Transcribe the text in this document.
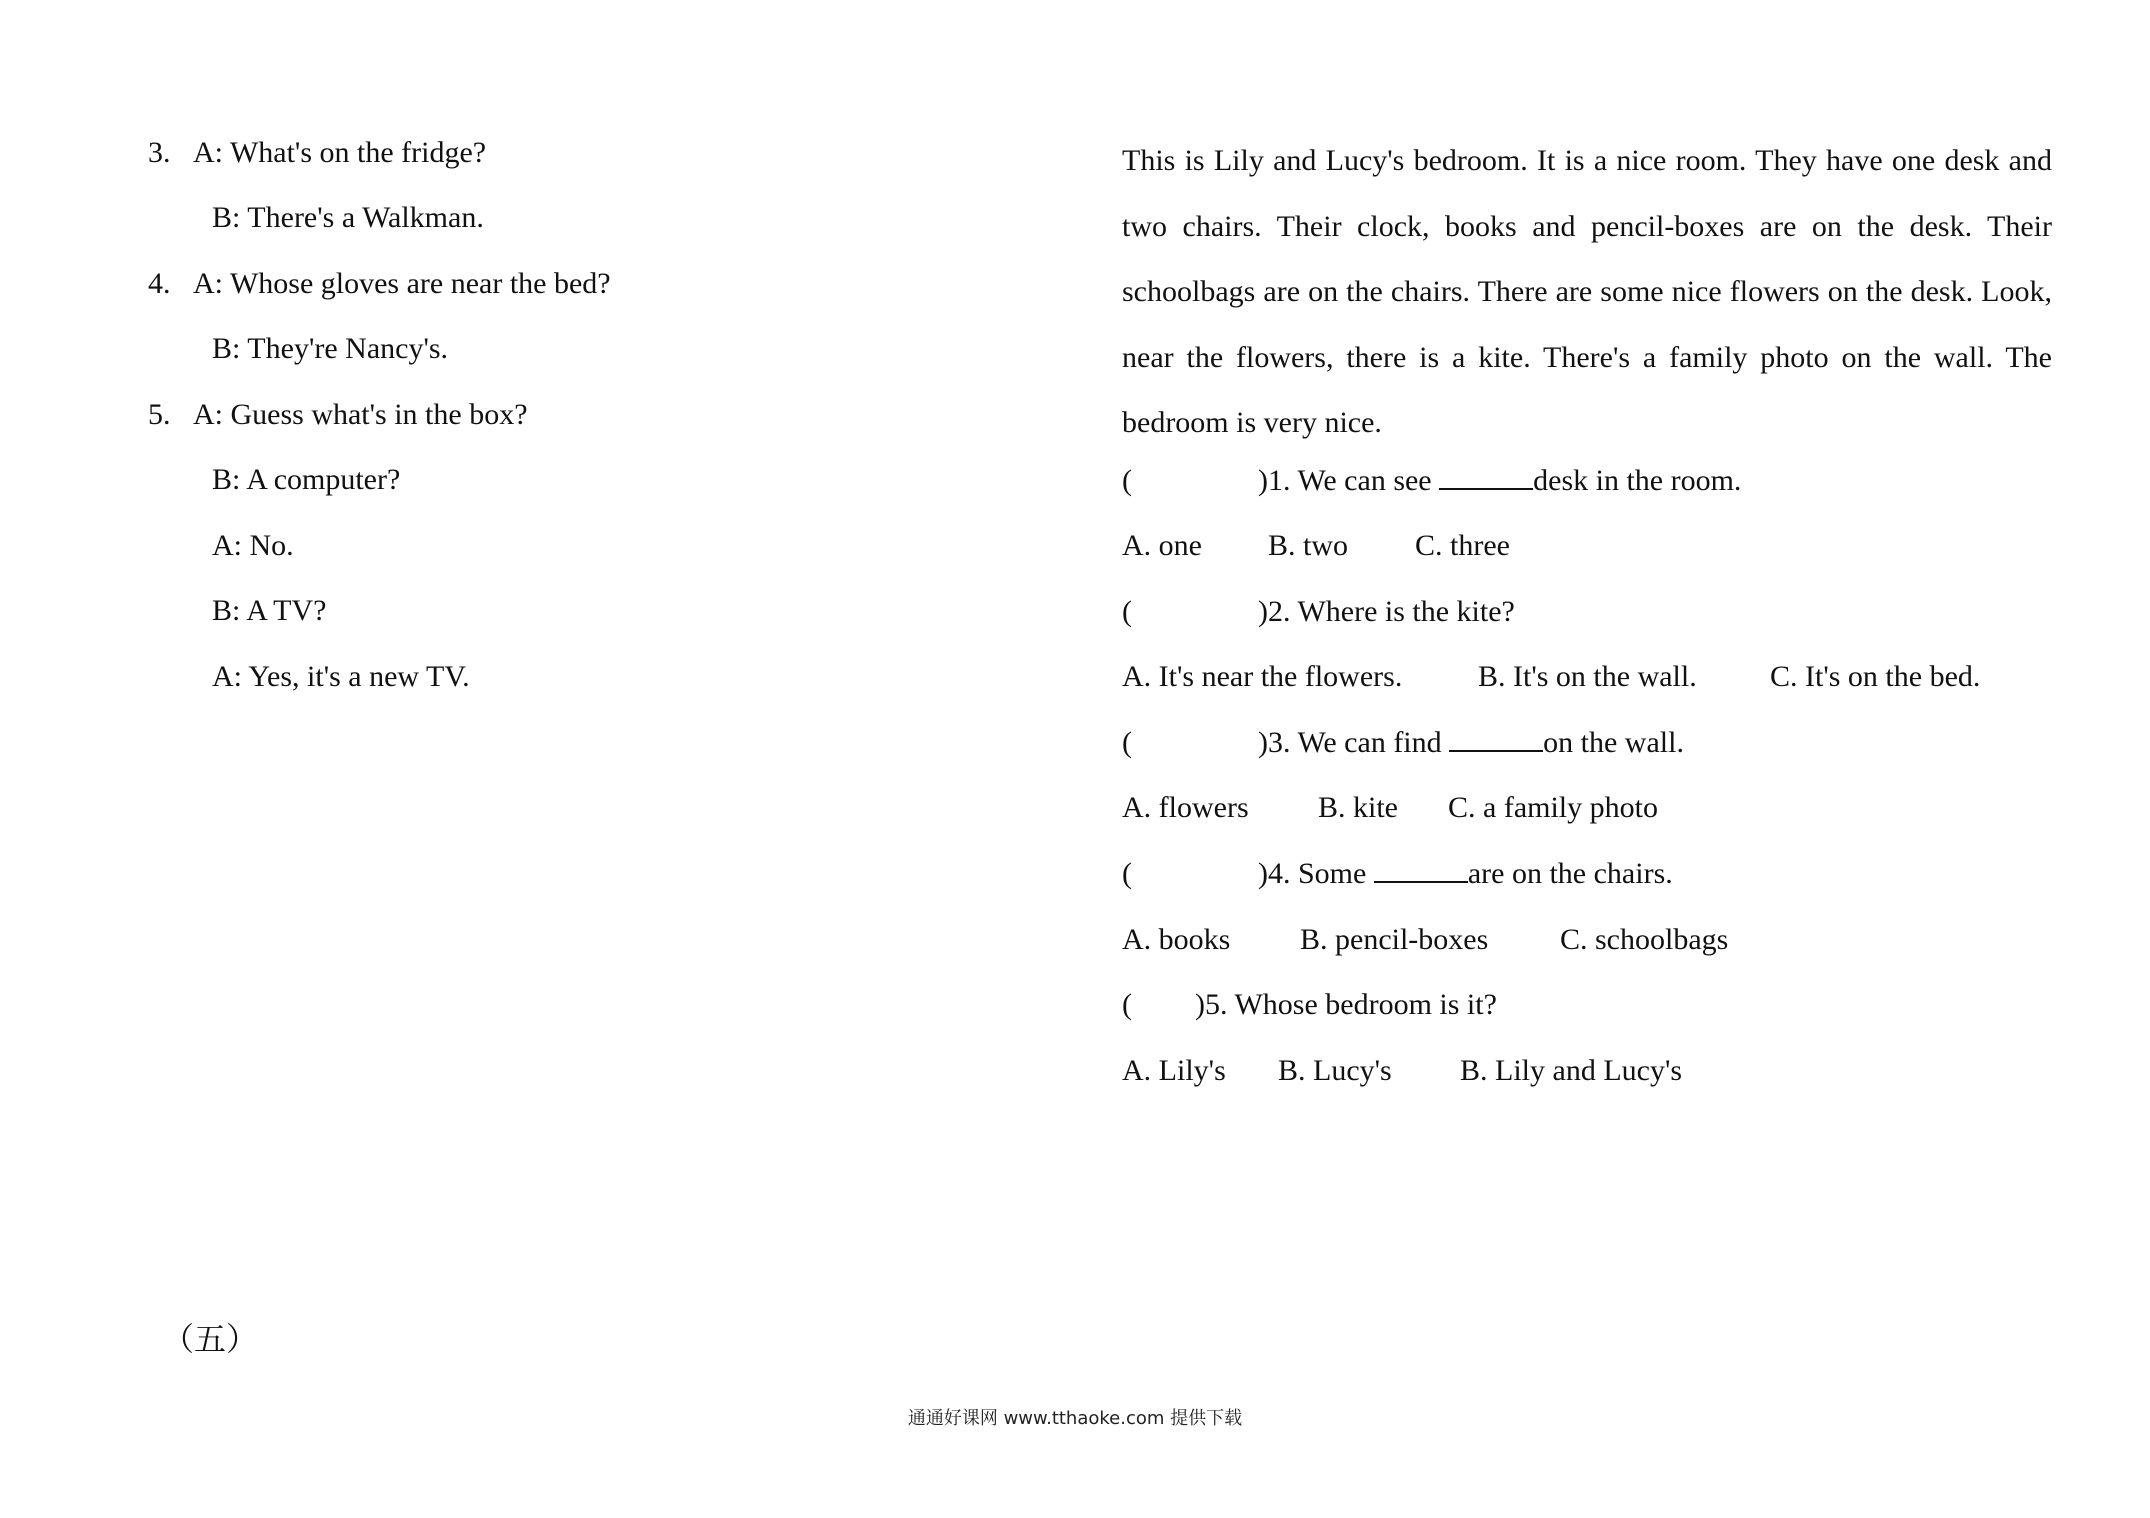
3. A: What's on the fridge?
B: There's a Walkman.
4. A: Whose gloves are near the bed?
B: They're Nancy's.
5. A: Guess what's in the box?
B: A computer?
A: No.
B: A TV?
A: Yes, it's a new TV.
This is Lily and Lucy's bedroom. It is a nice room. They have one desk and two chairs. Their clock, books and pencil-boxes are on the desk. Their schoolbags are on the chairs. There are some nice flowers on the desk. Look, near the flowers, there is a kite. There's a family photo on the wall. The bedroom is very nice.
(	)1. We can see	desk in the room.
A. one B. two C. three
(	)2. Where is the kite?
A. It's near the flowers.	B. It's on the wall. C. It's on the bed.
(	)3. We can find	on the wall.
A. flowers B. kite C. a family photo
(	)4. Some	are on the chairs.
A. books B. pencil-boxes C. schoolbags
( )5. Whose bedroom is it?
A. Lily's B. Lucy's B. Lily and Lucy's
（五）
通通好课网 www.tthaoke.com 提供下载
